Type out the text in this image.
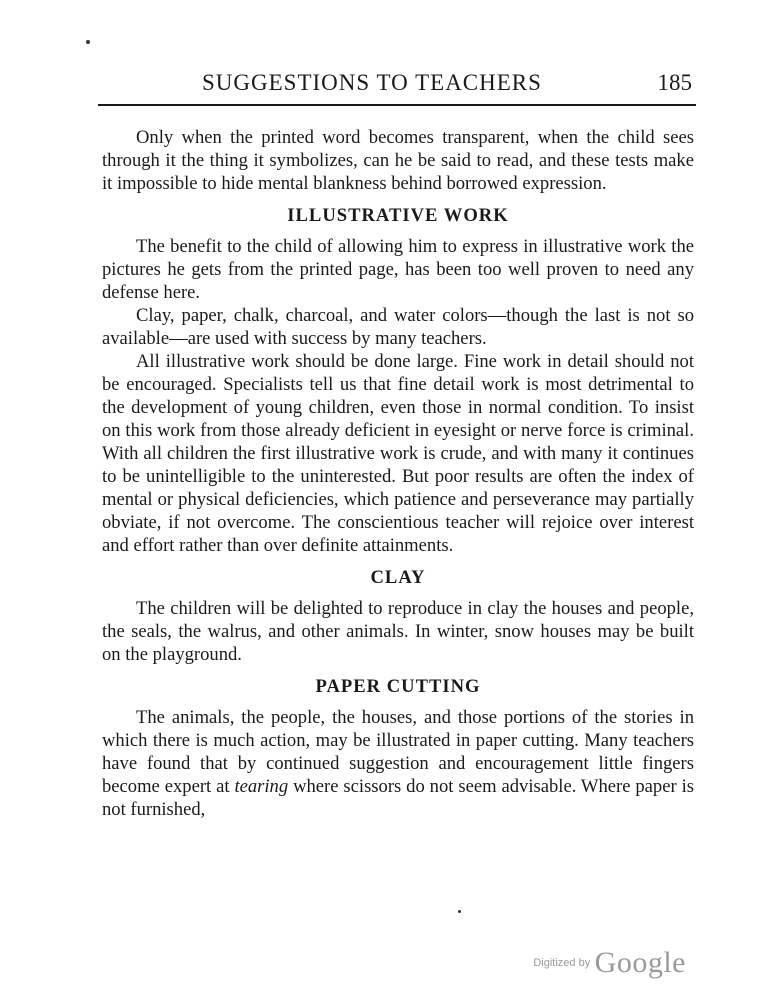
SUGGESTIONS TO TEACHERS	185

Only when the printed word becomes transparent, when the child sees through it the thing it symbolizes, can he be said to read, and these tests make it impossible to hide mental blankness behind borrowed expression.

ILLUSTRATIVE WORK

The benefit to the child of allowing him to express in illustrative work the pictures he gets from the printed page, has been too well proven to need any defense here.

Clay, paper, chalk, charcoal, and water colors—though the last is not so available—are used with success by many teachers.

All illustrative work should be done large. Fine work in detail should not be encouraged. Specialists tell us that fine detail work is most detrimental to the development of young children, even those in normal condition. To insist on this work from those already deficient in eyesight or nerve force is criminal. With all children the first illustrative work is crude, and with many it continues to be unintelligible to the uninterested. But poor results are often the index of mental or physical deficiencies, which patience and perseverance may partially obviate, if not overcome. The conscientious teacher will rejoice over interest and effort rather than over definite attainments.

CLAY

The children will be delighted to reproduce in clay the houses and people, the seals, the walrus, and other animals. In winter, snow houses may be built on the playground.

PAPER CUTTING

The animals, the people, the houses, and those portions of the stories in which there is much action, may be illustrated in paper cutting. Many teachers have found that by continued suggestion and encouragement little fingers become expert at tearing where scissors do not seem advisable. Where paper is not furnished,

Digitized by Google
